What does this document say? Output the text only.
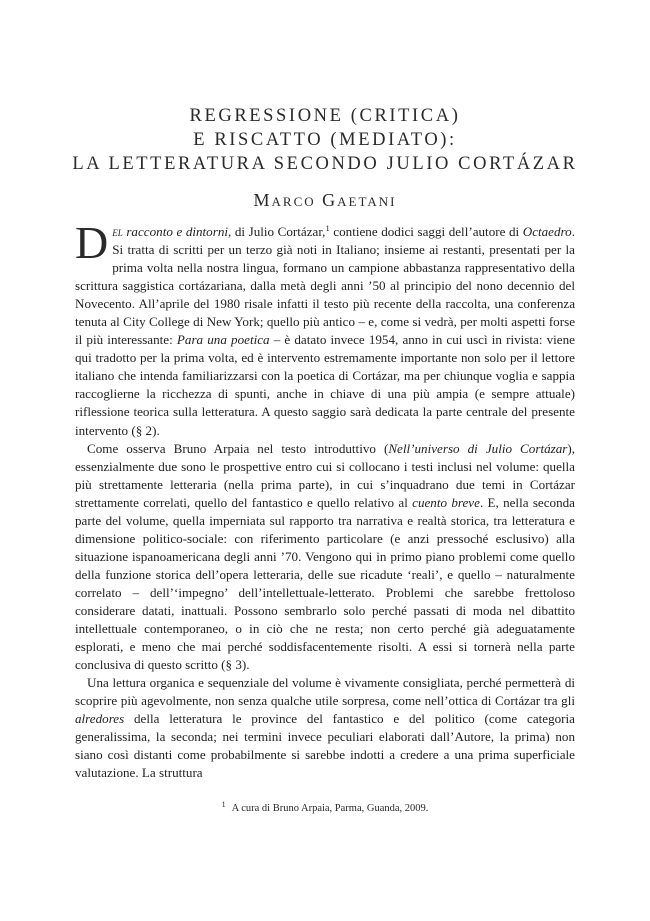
REGRESSIONE (CRITICA)
E RISCATTO (MEDIATO):
LA LETTERATURA SECONDO JULIO CORTÁZAR
Marco Gaetani

Del racconto e dintorni, di Julio Cortázar,$^1$ contiene dodici saggi dell’autore di Octaedro. Si tratta di scritti per un terzo già noti in Italiano; insieme ai restanti, presentati per la prima volta nella nostra lingua, formano un campione abbastanza rappresentativo della scrittura saggistica cortázariana, dalla metà degli anni ’50 al principio del nono decennio del Novecento. All’aprile del 1980 risale infatti il testo più recente della raccolta, una conferenza tenuta al City College di New York; quello più antico – e, come si vedrà, per molti aspetti forse il più interessante: Para una poetica – è datato invece 1954, anno in cui uscì in rivista: viene qui tradotto per la prima volta, ed è intervento estremamente importante non solo per il lettore italiano che intenda familiarizzarsi con la poetica di Cortázar, ma per chiunque voglia e sappia raccoglierne la ricchezza di spunti, anche in chiave di una più ampia (e sempre attuale) riflessione teorica sulla letteratura. A questo saggio sarà dedicata la parte centrale del presente intervento (§ 2).

Come osserva Bruno Arpaia nel testo introduttivo (Nell’universo di Julio Cortázar), essenzialmente due sono le prospettive entro cui si collocano i testi inclusi nel volume: quella più strettamente letteraria (nella prima parte), in cui s’inquadrano due temi in Cortázar strettamente correlati, quello del fantastico e quello relativo al cuento breve. E, nella seconda parte del volume, quella imperniata sul rapporto tra narrativa e realtà storica, tra letteratura e dimensione politico-sociale: con riferimento particolare (e anzi pressoché esclusivo) alla situazione ispanoamericana degli anni ’70. Vengono qui in primo piano problemi come quello della funzione storica dell’opera letteraria, delle sue ricadute ‘reali’, e quello – naturalmente correlato – dell’‘impegno’ dell’intellettuale-letterato. Problemi che sarebbe frettoloso considerare datati, inattuali. Possono sembrarlo solo perché passati di moda nel dibattito intellettuale contemporaneo, o in ciò che ne resta; non certo perché già adeguatamente esplorati, e meno che mai perché soddisfacentemente risolti. A essi si tornerà nella parte conclusiva di questo scritto (§ 3).

Una lettura organica e sequenziale del volume è vivamente consigliata, perché permetterà di scoprire più agevolmente, non senza qualche utile sorpresa, come nell’ottica di Cortázar tra gli alredores della letteratura le province del fantastico e del politico (come categoria generalissima, la seconda; nei termini invece peculiari elaborati dall’Autore, la prima) non siano così distanti come probabilmente si sarebbe indotti a credere a una prima superficiale valutazione. La struttura

$^1$ A cura di Bruno Arpaia, Parma, Guanda, 2009.
